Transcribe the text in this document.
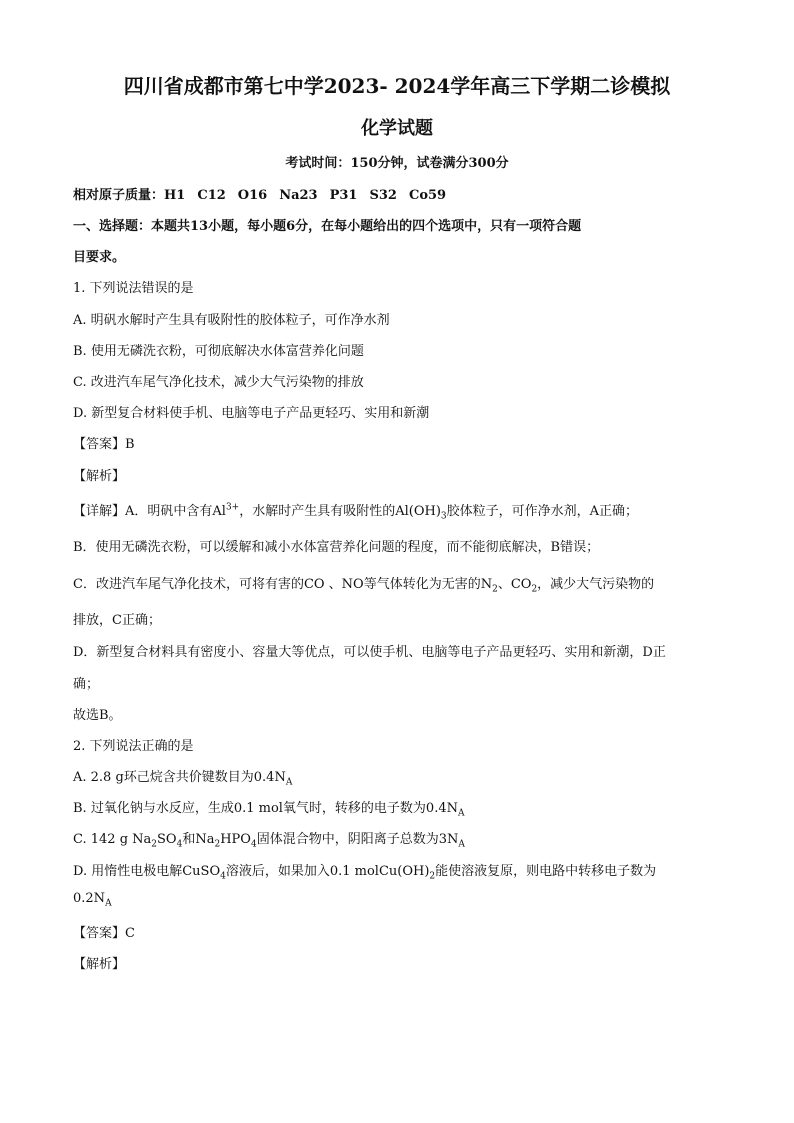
四川省成都市第七中学2023- 2024学年高三下学期二诊模拟
化学试题
考试时间：150分钟，试卷满分300分
相对原子质量：H1 C12 O16 Na23 P31 S32 Co59
一、选择题：本题共13小题，每小题6分，在每小题给出的四个选项中，只有一项符合题
目要求。
1. 下列说法错误的是
A. 明矾水解时产生具有吸附性的胶体粒子，可作净水剂
B. 使用无磷洗衣粉，可彻底解决水体富营养化问题
C. 改进汽车尾气净化技术，减少大气污染物的排放
D. 新型复合材料使手机、电脑等电子产品更轻巧、实用和新潮
【答案】B
【解析】
【详解】A．明矾中含有$Al^{3+}$，水解时产生具有吸附性的$Al(OH)_3$胶体粒子，可作净水剂，A正确；
B．使用无磷洗衣粉，可以缓解和减小水体富营养化问题的程度，而不能彻底解决，B错误；
C．改进汽车尾气净化技术，可将有害的CO 、NO等气体转化为无害的$N_2$、$CO_2$，减少大气污染物的
排放，C正确；
D．新型复合材料具有密度小、容量大等优点，可以使手机、电脑等电子产品更轻巧、实用和新潮，D正
确；
故选B。
2. 下列说法正确的是
A. 2.8 g环己烷含共价键数目为$0.4N_A$
B. 过氧化钠与水反应，生成0.1 mol氧气时，转移的电子数为$0.4N_A$
C. 142 g $Na_2SO_4$和$Na_2HPO_4$固体混合物中，阴阳离子总数为$3N_A$
D. 用惰性电极电解CuSO$_4$溶液后，如果加入0.1 $molCu(OH)_2$能使溶液复原，则电路中转移电子数为
$0.2N_A$
【答案】C
【解析】
